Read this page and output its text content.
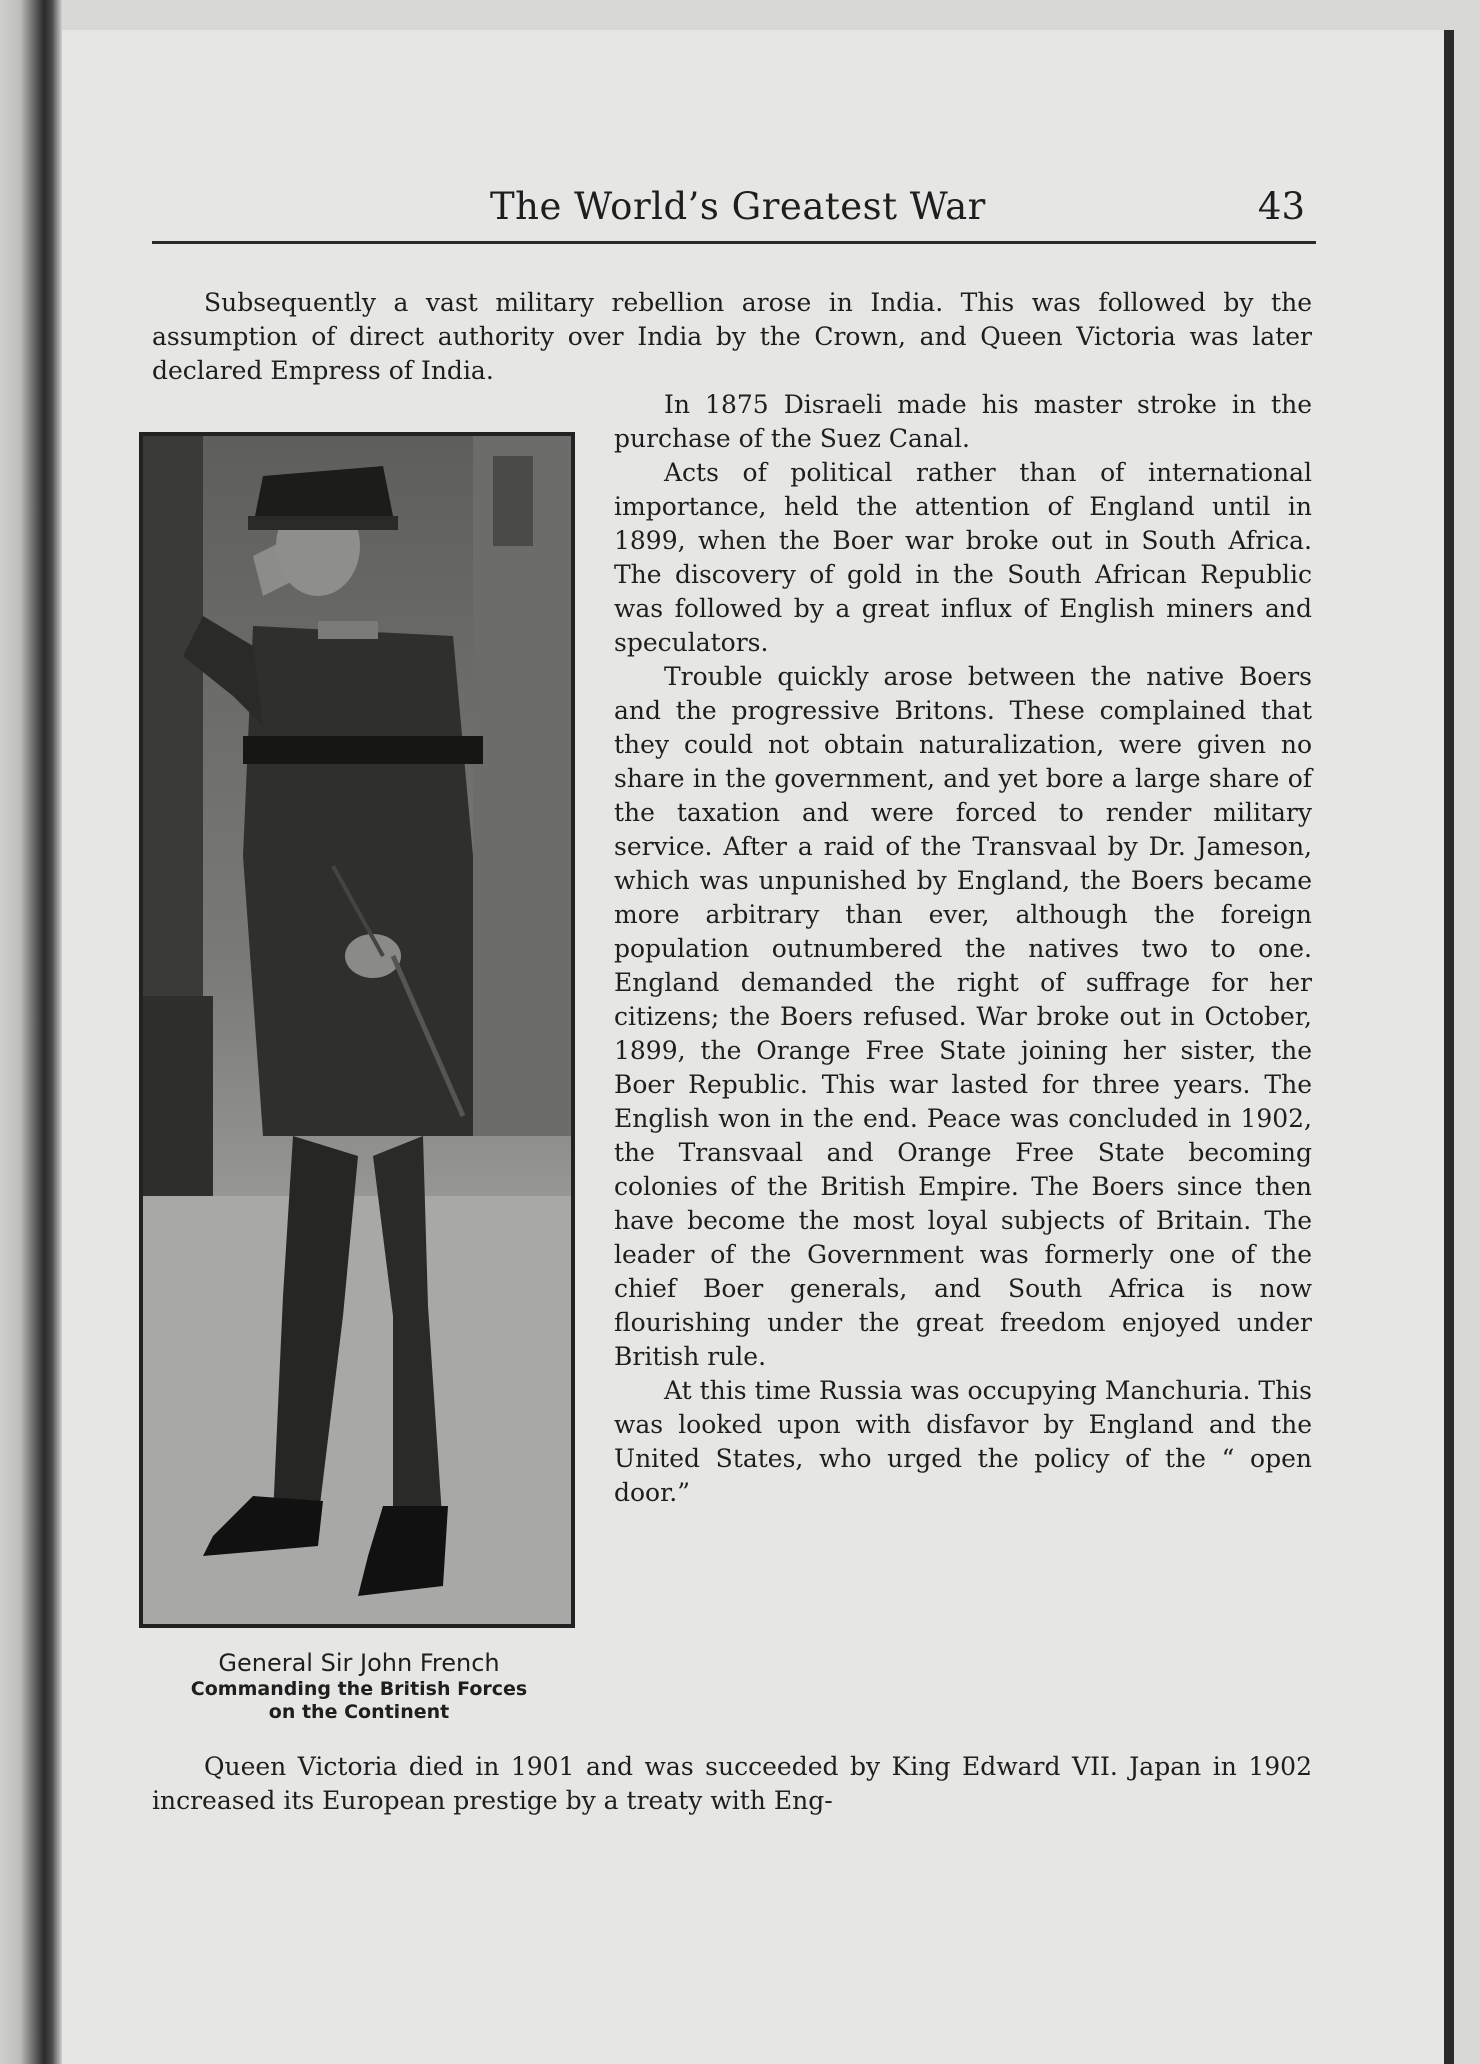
The World’s Greatest War	43
Subsequently a vast military rebellion arose in India. This was followed by the assumption of direct authority over India by the Crown, and Queen Victoria was later declared Empress of India.

In 1875 Disraeli made his master stroke in the purchase of the Suez Canal.

Acts of political rather than of international importance, held the attention of England until in 1899, when the Boer war broke out in South Africa. The discovery of gold in the South African Republic was followed by a great influx of English miners and speculators.

Trouble quickly arose between the native Boers and the progressive Britons. These complained that they could not obtain naturalization, were given no share in the government, and yet bore a large share of the taxation and were forced to render military service. After a raid of the Transvaal by Dr. Jameson, which was unpunished by England, the Boers became more arbitrary than ever, although the foreign population outnumbered the natives two to one. England demanded the right of suffrage for her citizens; the Boers refused. War broke out in October, 1899, the Orange Free State joining her sister, the Boer Republic. This war lasted for three years. The English won in the end. Peace was concluded in 1902, the Transvaal and Orange Free State becoming colonies of the British Empire. The Boers since then have become the most loyal subjects of Britain. The leader of the Government was formerly one of the chief Boer generals, and South Africa is now flourishing under the great freedom enjoyed under British rule.

At this time Russia was occupying Manchuria. This was looked upon with disfavor by England and the United States, who urged the policy of the “ open door.”

General Sir John French
Commanding the British Forces
on the Continent

Queen Victoria died in 1901 and was succeeded by King Edward VII. Japan in 1902 increased its European prestige by a treaty with Eng-
